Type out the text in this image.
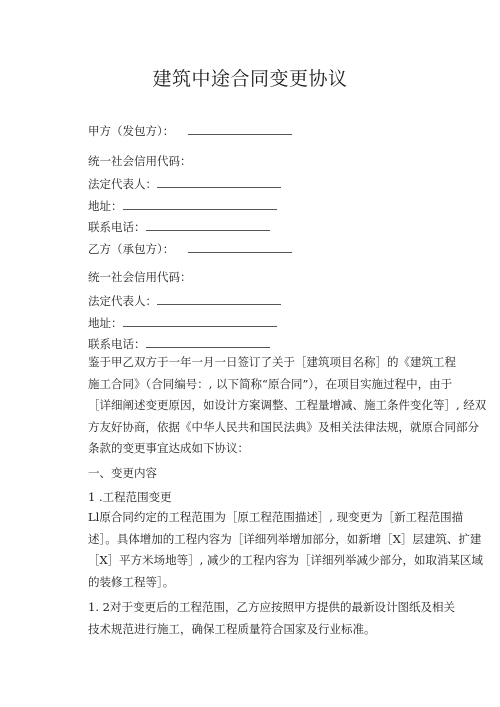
建筑中途合同变更协议
甲方（发包方）：
统一社会信用代码：
法定代表人：
地址：
联系电话：
乙方（承包方）：
统一社会信用代码：
法定代表人：
地址：
联系电话：
鉴于甲乙双方于一年一月一日签订了关于［建筑项目名称］的《建筑工程
施工合同》（合同编号：, 以下简称“原合同”），在项目实施过程中，由于
［详细阐述变更原因，如设计方案调整、工程量增减、施工条件变化等］, 经双
方友好协商，依据《中华人民共和国民法典》及相关法律法规，就原合同部分
条款的变更事宜达成如下协议：
一、变更内容
1 .工程范围变更
Ll原合同约定的工程范围为［原工程范围描述］, 现变更为［新工程范围描
述］。具体增加的工程内容为［详细列举增加部分，如新增［X］层建筑、扩建
［X］平方米场地等］, 减少的工程内容为［详细列举减少部分，如取消某区域
的装修工程等］。
1. 2对于变更后的工程范围，乙方应按照甲方提供的最新设计图纸及相关
技术规范进行施工，确保工程质量符合国家及行业标准。
